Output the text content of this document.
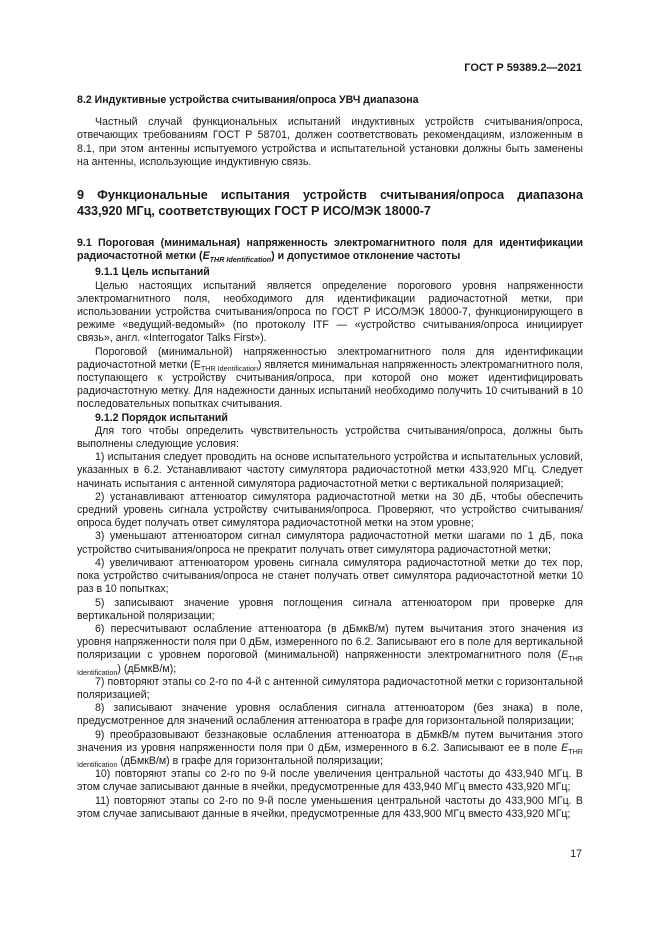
ГОСТ Р 59389.2—2021

8.2 Индуктивные устройства считывания/опроса УВЧ диапазона

Частный случай функциональных испытаний индуктивных устройств считывания/опроса, отвечающих требованиям ГОСТ Р 58701, должен соответствовать рекомендациям, изложенным в 8.1, при этом антенны испытуемого устройства и испытательной установки должны быть заменены на антенны, использующие индуктивную связь.

9 Функциональные испытания устройств считывания/опроса диапазона 433,920 МГц, соответствующих ГОСТ Р ИСО/МЭК 18000-7

9.1 Пороговая (минимальная) напряженность электромагнитного поля для идентификации радиочастотной метки $(E_{THR Identification})$ и допустимое отклонение частоты

9.1.1 Цель испытаний

Целью настоящих испытаний является определение порогового уровня напряженности электромагнитного поля, необходимого для идентификации радиочастотной метки, при использовании устройства считывания/опроса по ГОСТ Р ИСО/МЭК 18000-7, функционирующего в режиме «ведущий-ведомый» (по протоколу ITF — «устройство считывания/опроса инициирует связь», англ. «Interrogator Talks First»).

Пороговой (минимальной) напряженностью электромагнитного поля для идентификации радиочастотной метки $(E_{THR Identification})$ является минимальная напряженность электромагнитного поля, поступающего к устройству считывания/опроса, при которой оно может идентифицировать радиочастотную метку. Для надежности данных испытаний необходимо получить 10 считываний в 10 последовательных попытках считывания.

9.1.2 Порядок испытаний

Для того чтобы определить чувствительность устройства считывания/опроса, должны быть выполнены следующие условия:

1) испытания следует проводить на основе испытательного устройства и испытательных условий, указанных в 6.2. Устанавливают частоту симулятора радиочастотной метки 433,920 МГц. Следует начинать испытания с антенной симулятора радиочастотной метки с вертикальной поляризацией;

2) устанавливают аттенюатор симулятора радиочастотной метки на 30 дБ, чтобы обеспечить средний уровень сигнала устройству считывания/опроса. Проверяют, что устройство считывания/опроса будет получать ответ симулятора радиочастотной метки на этом уровне;

3) уменьшают аттенюатором сигнал симулятора радиочастотной метки шагами по 1 дБ, пока устройство считывания/опроса не прекратит получать ответ симулятора радиочастотной метки;

4) увеличивают аттенюатором уровень сигнала симулятора радиочастотной метки до тех пор, пока устройство считывания/опроса не станет получать ответ симулятора радиочастотной метки 10 раз в 10 попытках;

5) записывают значение уровня поглощения сигнала аттенюатором при проверке для вертикальной поляризации;

6) пересчитывают ослабление аттенюатора (в дБмкВ/м) путем вычитания этого значения из уровня напряженности поля при 0 дБм, измеренного по 6.2. Записывают его в поле для вертикальной поляризации с уровнем пороговой (минимальной) напряженности электромагнитного поля $(E_{THR Identification})$ (дБмкВ/м);

7) повторяют этапы со 2-го по 4-й с антенной симулятора радиочастотной метки с горизонтальной поляризацией;

8) записывают значение уровня ослабления сигнала аттенюатором (без знака) в поле, предусмотренное для значений ослабления аттенюатора в графе для горизонтальной поляризации;

9) преобразовывают беззнаковые ослабления аттенюатора в дБмкВ/м путем вычитания этого значения из уровня напряженности поля при 0 дБм, измеренного в 6.2. Записывают ее в поле $E_{THR Identification}$ (дБмкВ/м) в графе для горизонтальной поляризации;

10) повторяют этапы со 2-го по 9-й после увеличения центральной частоты до 433,940 МГц. В этом случае записывают данные в ячейки, предусмотренные для 433,940 МГц вместо 433,920 МГц;

11) повторяют этапы со 2-го по 9-й после уменьшения центральной частоты до 433,900 МГц. В этом случае записывают данные в ячейки, предусмотренные для 433,900 МГц вместо 433,920 МГц;

17
